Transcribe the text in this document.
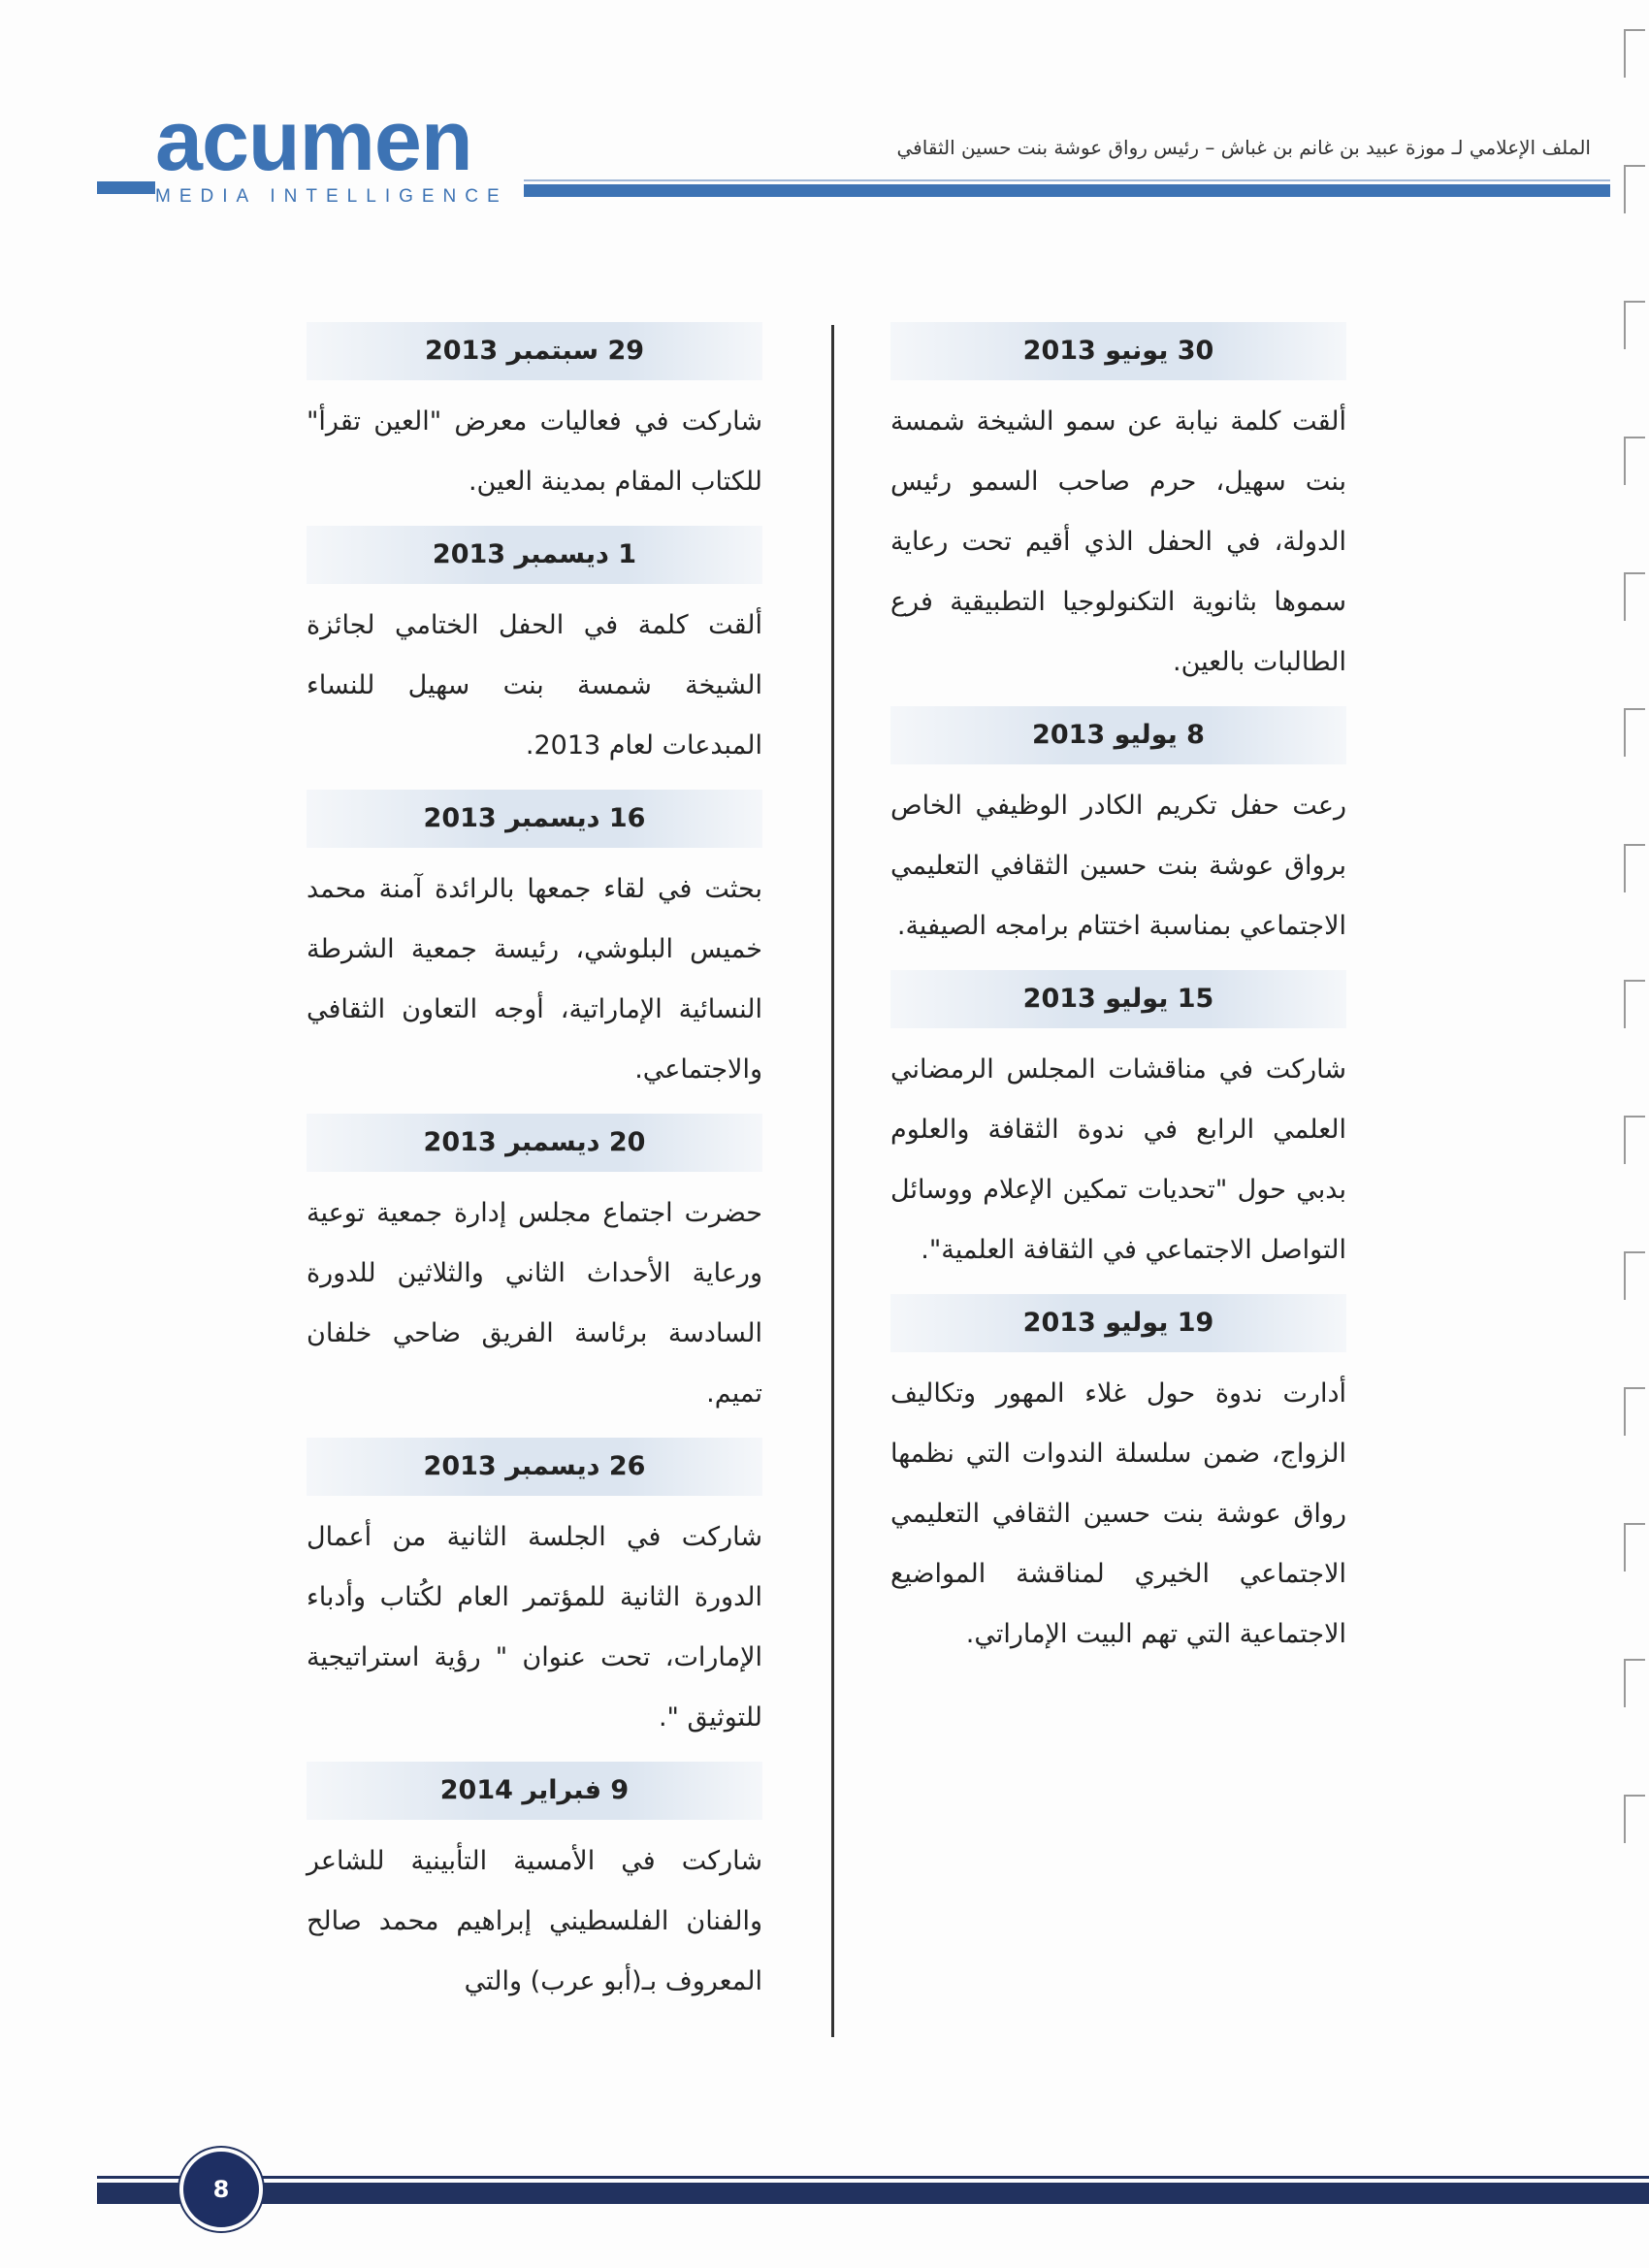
acumen
MEDIA INTELLIGENCE
الملف الإعلامي لـ موزة عبيد بن غانم بن غباش – رئيس رواق عوشة بنت حسين الثقافي
30 يونيو 2013
ألقت كلمة نيابة عن سمو الشيخة شمسة بنت سهيل، حرم صاحب السمو رئيس الدولة، في الحفل الذي أقيم تحت رعاية سموها بثانوية التكنولوجيا التطبيقية فرع الطالبات بالعين.
8 يوليو 2013
رعت حفل تكريم الكادر الوظيفي الخاص برواق عوشة بنت حسين الثقافي التعليمي الاجتماعي بمناسبة اختتام برامجه الصيفية.
15 يوليو 2013
شاركت في مناقشات المجلس الرمضاني العلمي الرابع في ندوة الثقافة والعلوم بدبي حول "تحديات تمكين الإعلام ووسائل التواصل الاجتماعي في الثقافة العلمية".
19 يوليو 2013
أدارت ندوة حول غلاء المهور وتكاليف الزواج، ضمن سلسلة الندوات التي نظمها رواق عوشة بنت حسين الثقافي التعليمي الاجتماعي الخيري لمناقشة المواضيع الاجتماعية التي تهم البيت الإماراتي.
29 سبتمبر 2013
شاركت في فعاليات معرض "العين تقرأ" للكتاب المقام بمدينة العين.
1 ديسمبر 2013
ألقت كلمة في الحفل الختامي لجائزة الشيخة شمسة بنت سهيل للنساء المبدعات لعام 2013.
16 ديسمبر 2013
بحثت في لقاء جمعها بالرائدة آمنة محمد خميس البلوشي، رئيسة جمعية الشرطة النسائية الإماراتية، أوجه التعاون الثقافي والاجتماعي.
20 ديسمبر 2013
حضرت اجتماع مجلس إدارة جمعية توعية ورعاية الأحداث الثاني والثلاثين للدورة السادسة برئاسة الفريق ضاحي خلفان تميم.
26 ديسمبر 2013
شاركت في الجلسة الثانية من أعمال الدورة الثانية للمؤتمر العام لكُتاب وأدباء الإمارات، تحت عنوان " رؤية استراتيجية للتوثيق ".
9 فبراير 2014
شاركت في الأمسية التأبينية للشاعر والفنان الفلسطيني إبراهيم محمد صالح المعروف بـ(أبو عرب) والتي
8
